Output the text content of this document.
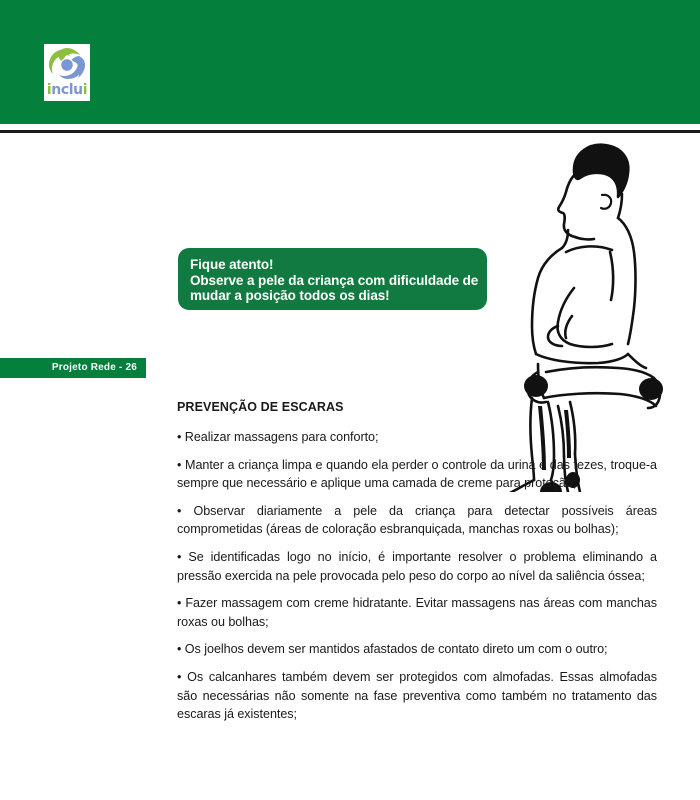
inclui
Projeto Rede - 26
Fique atento!
Observe a pele da criança com dificuldade de
mudar a posição todos os dias!
PREVENÇÃO DE ESCARAS

• Realizar massagens para conforto;

• Manter a criança limpa e quando ela perder o controle da urina e das fezes, troque-a sempre que necessário e aplique uma camada de creme para proteção;

• Observar diariamente a pele da criança para detectar possíveis áreas comprometidas (áreas de coloração esbranquiçada, manchas roxas ou bolhas);

• Se identificadas logo no início, é importante resolver o problema eliminando a pressão exercida na pele provocada pelo peso do corpo ao nível da saliência óssea;

• Fazer massagem com creme hidratante. Evitar massagens nas áreas com manchas roxas ou bolhas;

• Os joelhos devem ser mantidos afastados de contato direto um com o outro;

• Os calcanhares também devem ser protegidos com almofadas. Essas almofadas são necessárias não somente na fase preventiva como também no tratamento das escaras já existentes;
